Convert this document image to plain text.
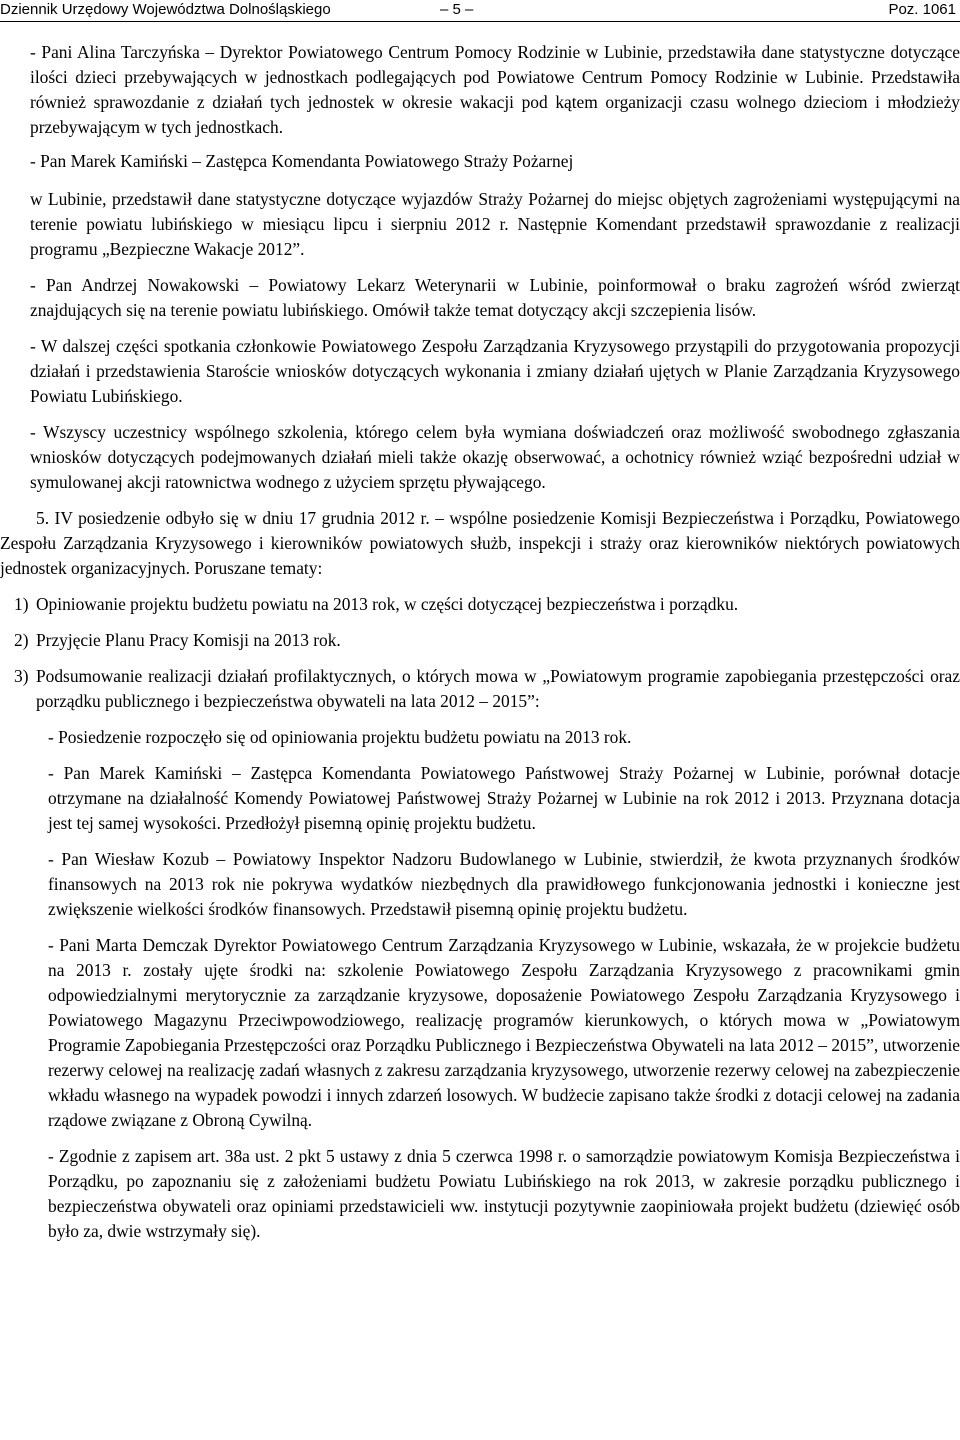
Dziennik Urzędowy Województwa Dolnośląskiego	– 5 –	Poz. 1061

- Pani Alina Tarczyńska – Dyrektor Powiatowego Centrum Pomocy Rodzinie w Lubinie, przedstawiła dane statystyczne dotyczące ilości dzieci przebywających w jednostkach podlegających pod Powiatowe Centrum Pomocy Rodzinie w Lubinie. Przedstawiła również sprawozdanie z działań tych jednostek w okresie wakacji pod kątem organizacji czasu wolnego dzieciom i młodzieży przebywającym w tych jednostkach.

- Pan Marek Kamiński – Zastępca Komendanta Powiatowego Straży Pożarnej

w Lubinie, przedstawił dane statystyczne dotyczące wyjazdów Straży Pożarnej do miejsc objętych zagrożeniami występującymi na terenie powiatu lubińskiego w miesiącu lipcu i sierpniu 2012 r. Następnie Komendant przedstawił sprawozdanie z realizacji programu „Bezpieczne Wakacje 2012”.

- Pan Andrzej Nowakowski – Powiatowy Lekarz Weterynarii w Lubinie, poinformował o braku zagrożeń wśród zwierząt znajdujących się na terenie powiatu lubińskiego. Omówił także temat dotyczący akcji szczepienia lisów.

- W dalszej części spotkania członkowie Powiatowego Zespołu Zarządzania Kryzysowego przystąpili do przygotowania propozycji działań i przedstawienia Staroście wniosków dotyczących wykonania i zmiany działań ujętych w Planie Zarządzania Kryzysowego Powiatu Lubińskiego.

- Wszyscy uczestnicy wspólnego szkolenia, którego celem była wymiana doświadczeń oraz możliwość swobodnego zgłaszania wniosków dotyczących podejmowanych działań mieli także okazję obserwować, a ochotnicy również wziąć bezpośredni udział w symulowanej akcji ratownictwa wodnego z użyciem sprzętu pływającego.

5. IV posiedzenie odbyło się w dniu 17 grudnia 2012 r. – wspólne posiedzenie Komisji Bezpieczeństwa i Porządku, Powiatowego Zespołu Zarządzania Kryzysowego i kierowników powiatowych służb, inspekcji i straży oraz kierowników niektórych powiatowych jednostek organizacyjnych. Poruszane tematy:

1) Opiniowanie projektu budżetu powiatu na 2013 rok, w części dotyczącej bezpieczeństwa i porządku.

2) Przyjęcie Planu Pracy Komisji na 2013 rok.

3) Podsumowanie realizacji działań profilaktycznych, o których mowa w „Powiatowym programie zapobiegania przestępczości oraz porządku publicznego i bezpieczeństwa obywateli na lata 2012 – 2015”:

- Posiedzenie rozpoczęło się od opiniowania projektu budżetu powiatu na 2013 rok.

- Pan Marek Kamiński – Zastępca Komendanta Powiatowego Państwowej Straży Pożarnej w Lubinie, porównał dotacje otrzymane na działalność Komendy Powiatowej Państwowej Straży Pożarnej w Lubinie na rok 2012 i 2013. Przyznana dotacja jest tej samej wysokości. Przedłożył pisemną opinię projektu budżetu.

- Pan Wiesław Kozub – Powiatowy Inspektor Nadzoru Budowlanego w Lubinie, stwierdził, że kwota przyznanych środków finansowych na 2013 rok nie pokrywa wydatków niezbędnych dla prawidłowego funkcjonowania jednostki i konieczne jest zwiększenie wielkości środków finansowych. Przedstawił pisemną opinię projektu budżetu.

- Pani Marta Demczak Dyrektor Powiatowego Centrum Zarządzania Kryzysowego w Lubinie, wskazała, że w projekcie budżetu na 2013 r. zostały ujęte środki na: szkolenie Powiatowego Zespołu Zarządzania Kryzysowego z pracownikami gmin odpowiedzialnymi merytorycznie za zarządzanie kryzysowe, doposażenie Powiatowego Zespołu Zarządzania Kryzysowego i Powiatowego Magazynu Przeciwpowodziowego, realizację programów kierunkowych, o których mowa w „Powiatowym Programie Zapobiegania Przestępczości oraz Porządku Publicznego i Bezpieczeństwa Obywateli na lata 2012 – 2015”, utworzenie rezerwy celowej na realizację zadań własnych z zakresu zarządzania kryzysowego, utworzenie rezerwy celowej na zabezpieczenie wkładu własnego na wypadek powodzi i innych zdarzeń losowych. W budżecie zapisano także środki z dotacji celowej na zadania rządowe związane z Obroną Cywilną.

- Zgodnie z zapisem art. 38a ust. 2 pkt 5 ustawy z dnia 5 czerwca 1998 r. o samorządzie powiatowym Komisja Bezpieczeństwa i Porządku, po zapoznaniu się z założeniami budżetu Powiatu Lubińskiego na rok 2013, w zakresie porządku publicznego i bezpieczeństwa obywateli oraz opiniami przedstawicieli ww. instytucji pozytywnie zaopiniowała projekt budżetu (dziewięć osób było za, dwie wstrzymały się).
